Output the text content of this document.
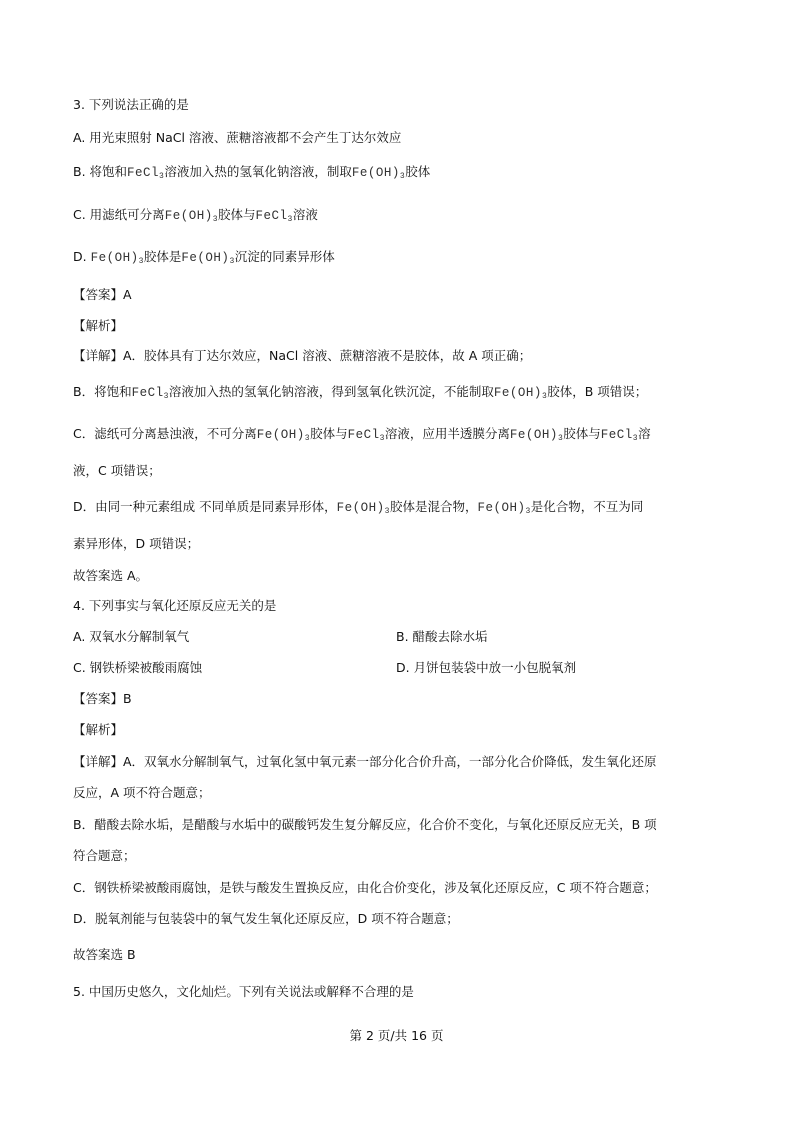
3. 下列说法正确的是
A. 用光束照射 NaCl 溶液、蔗糖溶液都不会产生丁达尔效应
B. 将饱和FeCl$_3$溶液加入热的氢氧化钠溶液，制取$Fe(OH)_3$胶体
C. 用滤纸可分离$Fe(OH)_3$胶体与FeCl$_3$溶液
D. $Fe(OH)_3$胶体是$Fe(OH)_3$沉淀的同素异形体
【答案】A
【解析】
【详解】A．胶体具有丁达尔效应，NaCl 溶液、蔗糖溶液不是胶体，故 A 项正确；
B．将饱和FeCl$_3$溶液加入热的氢氧化钠溶液，得到氢氧化铁沉淀，不能制取$Fe(OH)_3$胶体，B 项错误；
C．滤纸可分离悬浊液，不可分离$Fe(OH)_3$胶体与FeCl$_3$溶液，应用半透膜分离$Fe(OH)_3$胶体与FeCl$_3$溶
液，C 项错误；
D．由同一种元素组成 不同单质是同素异形体，$Fe(OH)_3$胶体是混合物，$Fe(OH)_3$是化合物，不互为同
素异形体，D 项错误；
故答案选 A。
4. 下列事实与氧化还原反应无关的是
A. 双氧水分解制氧气	B. 醋酸去除水垢
C. 钢铁桥梁被酸雨腐蚀	D. 月饼包装袋中放一小包脱氧剂
【答案】B
【解析】
【详解】A．双氧水分解制氧气，过氧化氢中氧元素一部分化合价升高，一部分化合价降低，发生氧化还原
反应，A 项不符合题意；
B．醋酸去除水垢，是醋酸与水垢中的碳酸钙发生复分解反应，化合价不变化，与氧化还原反应无关，B 项
符合题意；
C．钢铁桥梁被酸雨腐蚀，是铁与酸发生置换反应，由化合价变化，涉及氧化还原反应，C 项不符合题意；
D．脱氧剂能与包装袋中的氧气发生氧化还原反应，D 项不符合题意；
故答案选 B
5. 中国历史悠久，文化灿烂。下列有关说法或解释不合理的是
第 2 页/共 16 页
